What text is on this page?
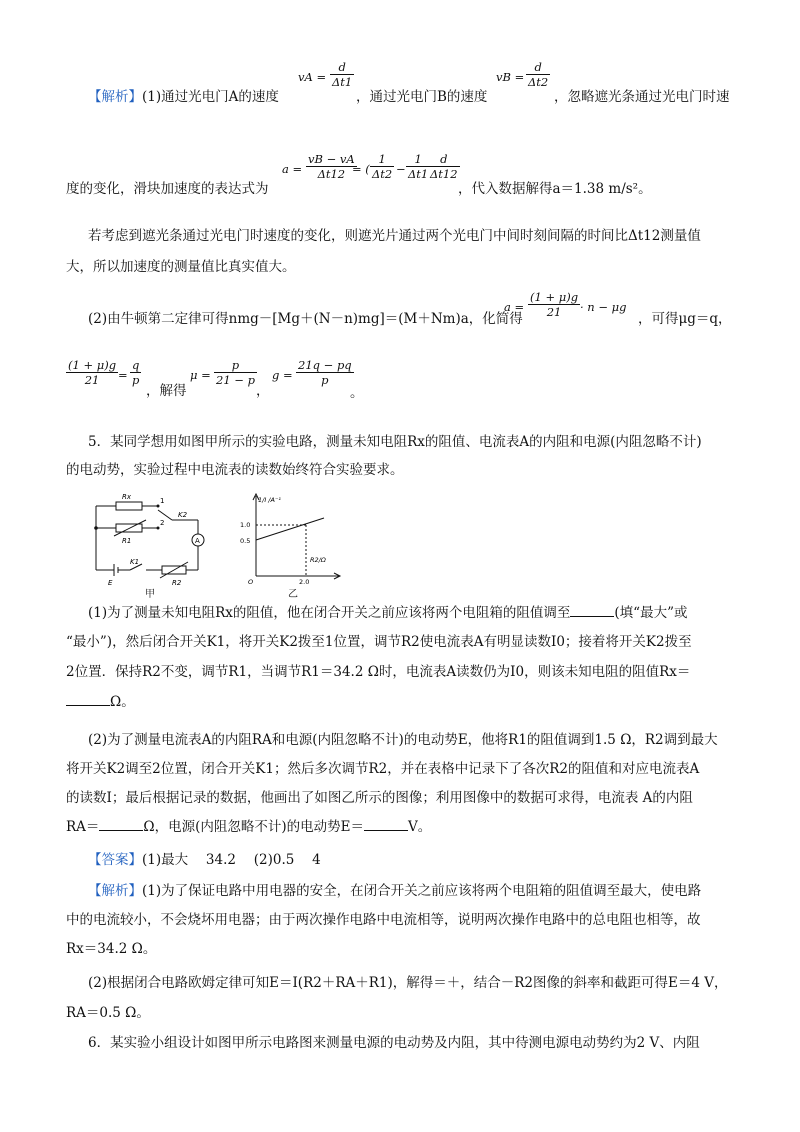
【解析】(1)通过光电门A的速度
vA = $\frac{d}{\Delta t1}$
，通过光电门B的速度
vB = $\frac{d}{\Delta t2}$
，忽略遮光条通过光电门时速
度的变化，滑块加速度的表达式为
$a = \frac{vB - vA}{\Delta t12}$
= ( $\frac{1}{\Delta t2} - \frac{1}{\Delta t1}$
$\frac{d}{\Delta t12}$
，代入数据解得a＝1.38 m/s²。
若考虑到遮光条通过光电门时速度的变化，则遮光片通过两个光电门中间时刻间隔的时间比Δt12测量值
大，所以加速度的测量值比真实值大。
(2)由牛顿第二定律可得nmg－[Mg＋(N－n)mg]＝(M＋Nm)a，化简得
$a = \frac{(1 + \mu)g}{21} \cdot n - \mu g$
，可得μg＝q，
$\frac{(1 + \mu)g}{21} = \frac{q}{p}$
，解得
$\mu = \frac{p}{21 - p}$
，
$g = \frac{21q - pq}{p}$
。
5．某同学想用如图甲所示的实验电路，测量未知电阻Rx的阻值、电流表A的内阻和电源(内阻忽略不计)
的电动势，实验过程中电流表的读数始终符合实验要求。
Rx
R1
1
2
K2
A
E
K1
R2
甲
1/I /A⁻¹
R2/Ω
1.0
0.5
O	2.0
乙
(1)为了测量未知电阻Rx的阻值，他在闭合开关之前应该将两个电阻箱的阻值调至	(填“最大”或
“最小”)，然后闭合开关K1，将开关K2拨至1位置，调节R2使电流表A有明显读数I0；接着将开关K2拨至
2位置．保持R2不变，调节R1，当调节R1＝34.2 Ω时，电流表A读数仍为I0，则该未知电阻的阻值Rx＝
Ω。
(2)为了测量电流表A的内阻RA和电源(内阻忽略不计)的电动势E，他将R1的阻值调到1.5 Ω，R2调到最大
将开关K2调至2位置，闭合开关K1；然后多次调节R2，并在表格中记录下了各次R2的阻值和对应电流表A
的读数I；最后根据记录的数据，他画出了如图乙所示的图像；利用图像中的数据可求得，电流表 A的内阻
RA＝	Ω，电源(内阻忽略不计)的电动势E＝	V。
【答案】(1)最大　 34.2　 (2)0.5　 4
【解析】(1)为了保证电路中用电器的安全，在闭合开关之前应该将两个电阻箱的阻值调至最大，使电路
中的电流较小，不会烧坏用电器；由于两次操作电路中电流相等，说明两次操作电路中的总电阻也相等，故
Rx＝34.2 Ω。
(2)根据闭合电路欧姆定律可知E＝I(R2＋RA＋R1)，解得＝＋，结合－R2图像的斜率和截距可得E＝4 V，
RA＝0.5 Ω。
6．某实验小组设计如图甲所示电路图来测量电源的电动势及内阻，其中待测电源电动势约为2 V、内阻
